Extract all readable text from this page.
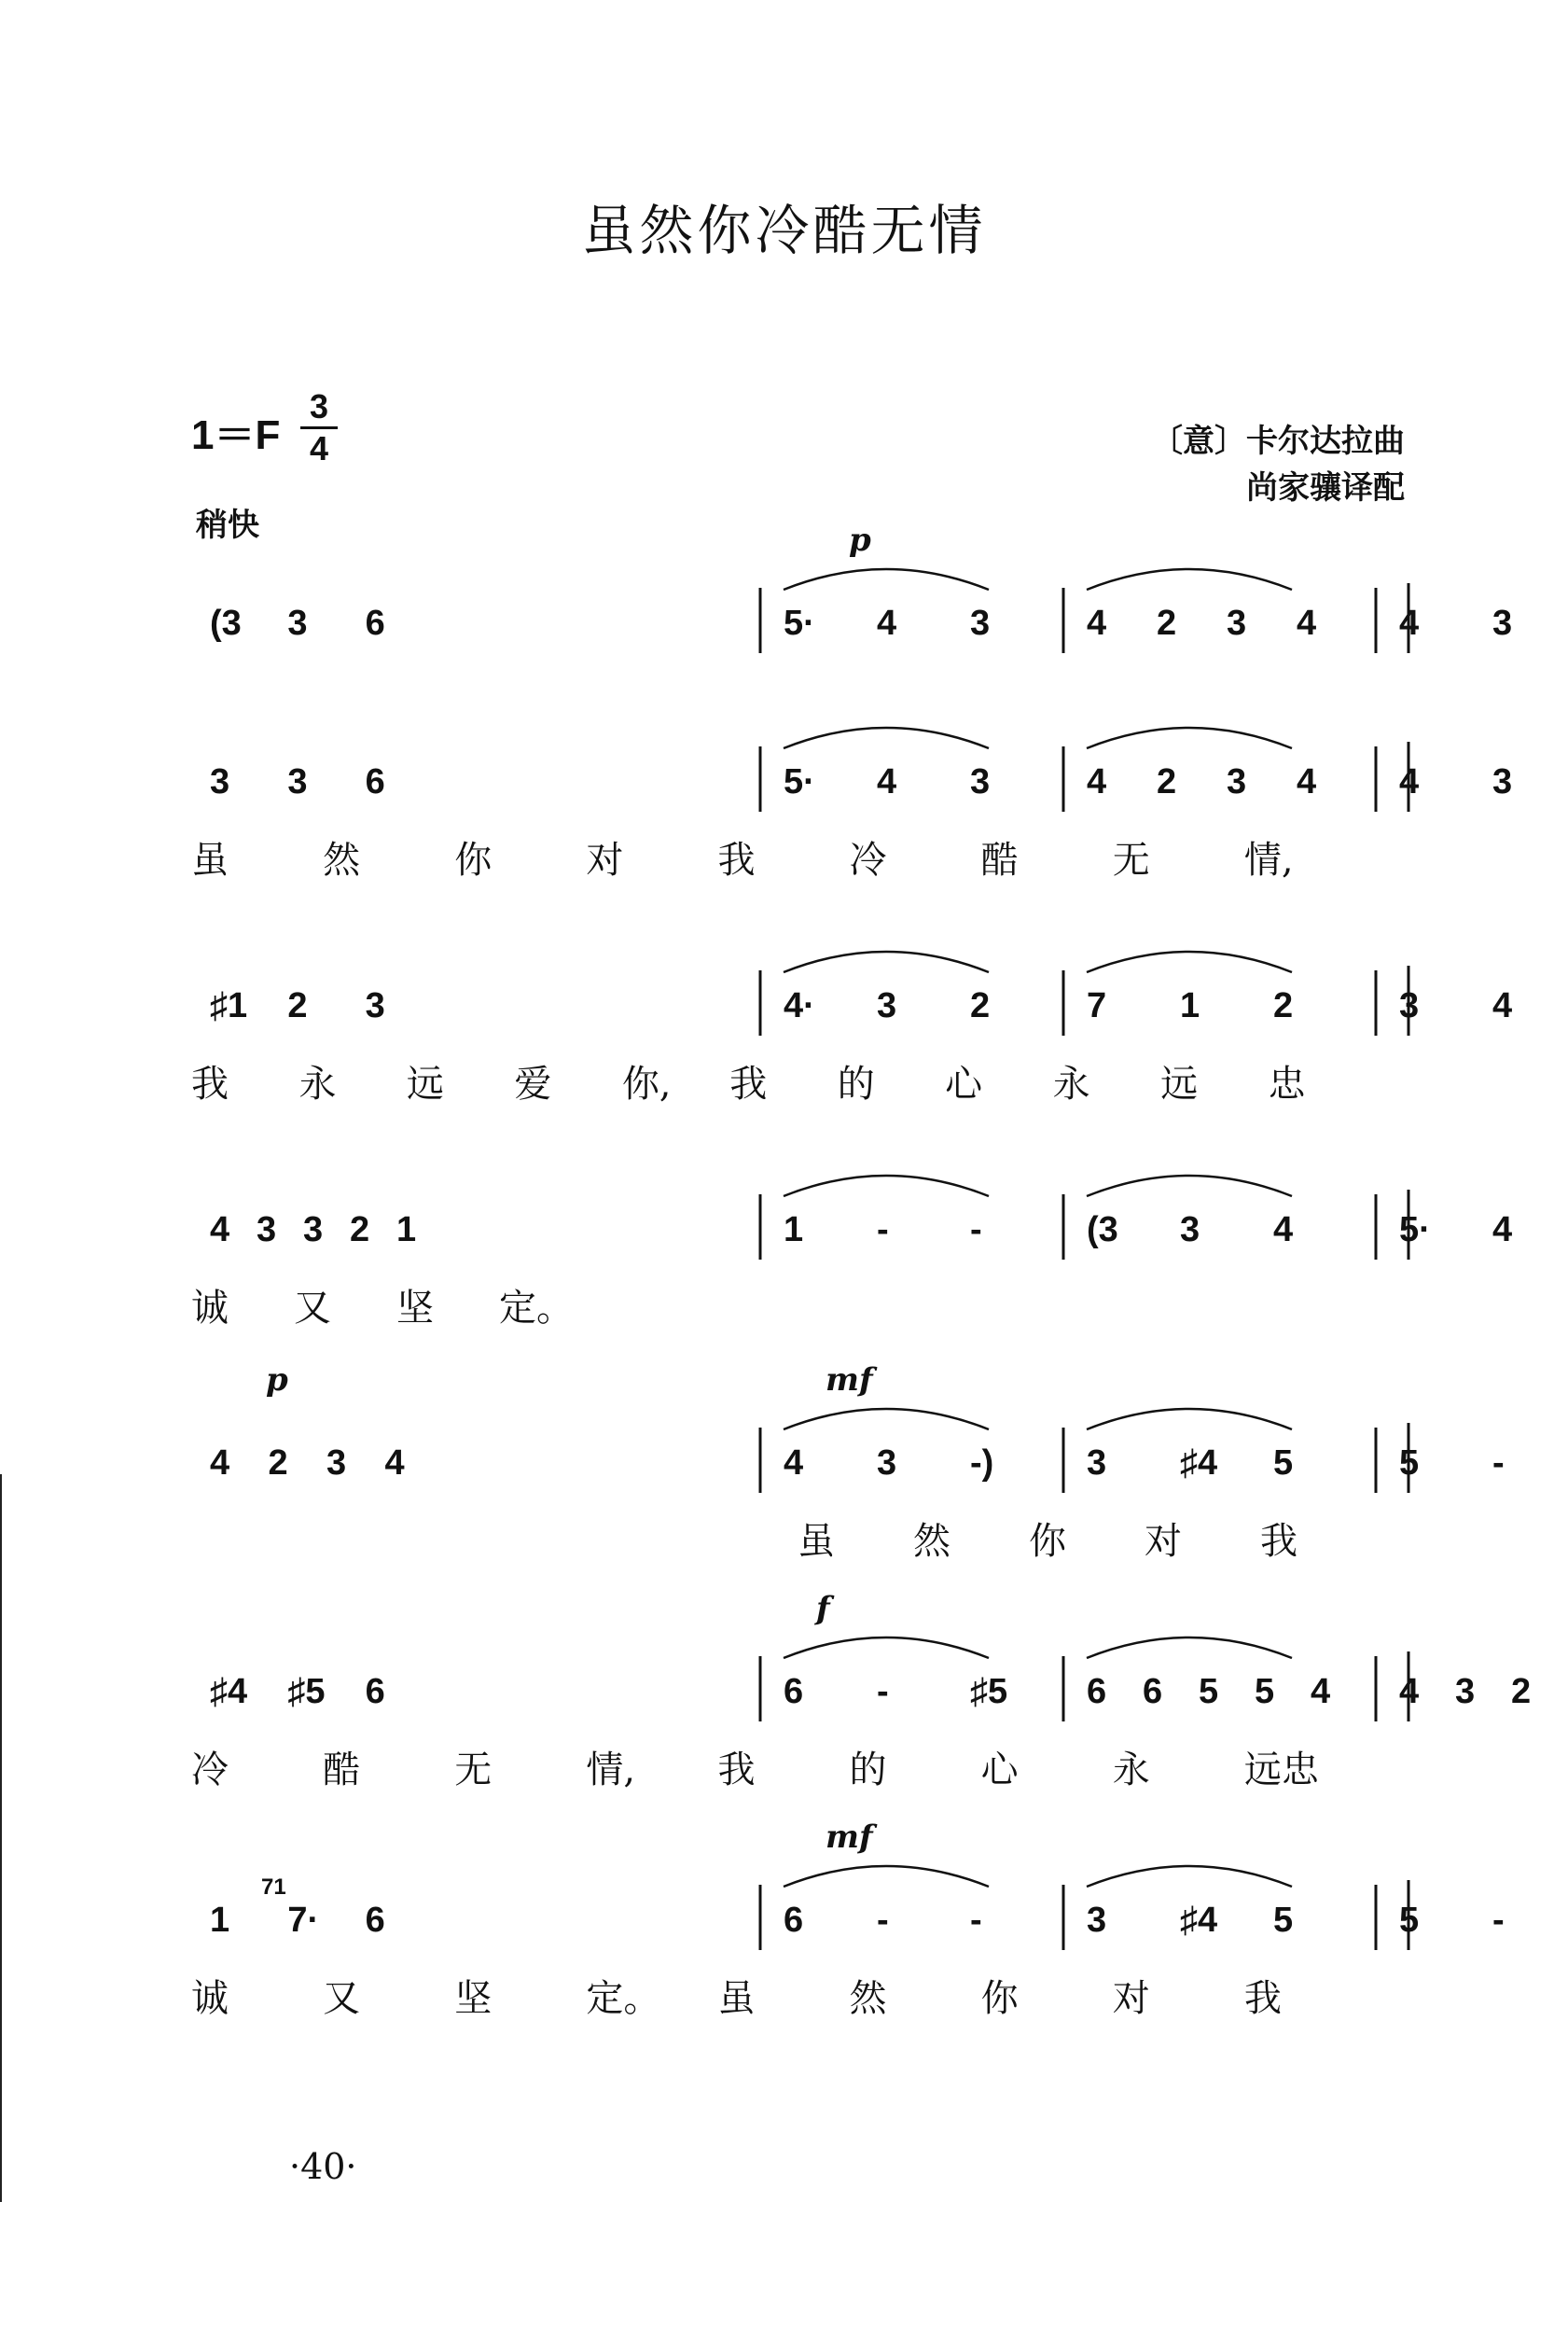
虽然你冷酷无情
$1=F \frac{3}{4}$
稍快
〔意〕卡尔达拉曲
尚家骧译配
(3 3 6	5· 4 3	4 2 3 4 4 3
p
3 3 6	5· 4 3	4 2 3 4 4 3
虽	然	你	对	我	冷	酷	无	情,
♯1 2 3	4· 3 2	7 1 2	3 4
我 永 远 爱 你, 我 的 心 永 远 忠
4 3 3 2 1	1 - -	(3 3 4	5· 4
诚 又 坚 定。
4 2 3 4	4 3 -)	3 ♯4 5	5 -
p	mf
虽 然 你 对 我
♯4 ♯5 6	6 - ♯5 6 6 5 5 4 4 3 2
f
冷	酷	无	情, 我	的	心	永	远忠
1 7· 6	6 - -	3 ♯4 5	5 -
mf
71
诚	又	坚	定。 虽	然	你	对	我
·40·
